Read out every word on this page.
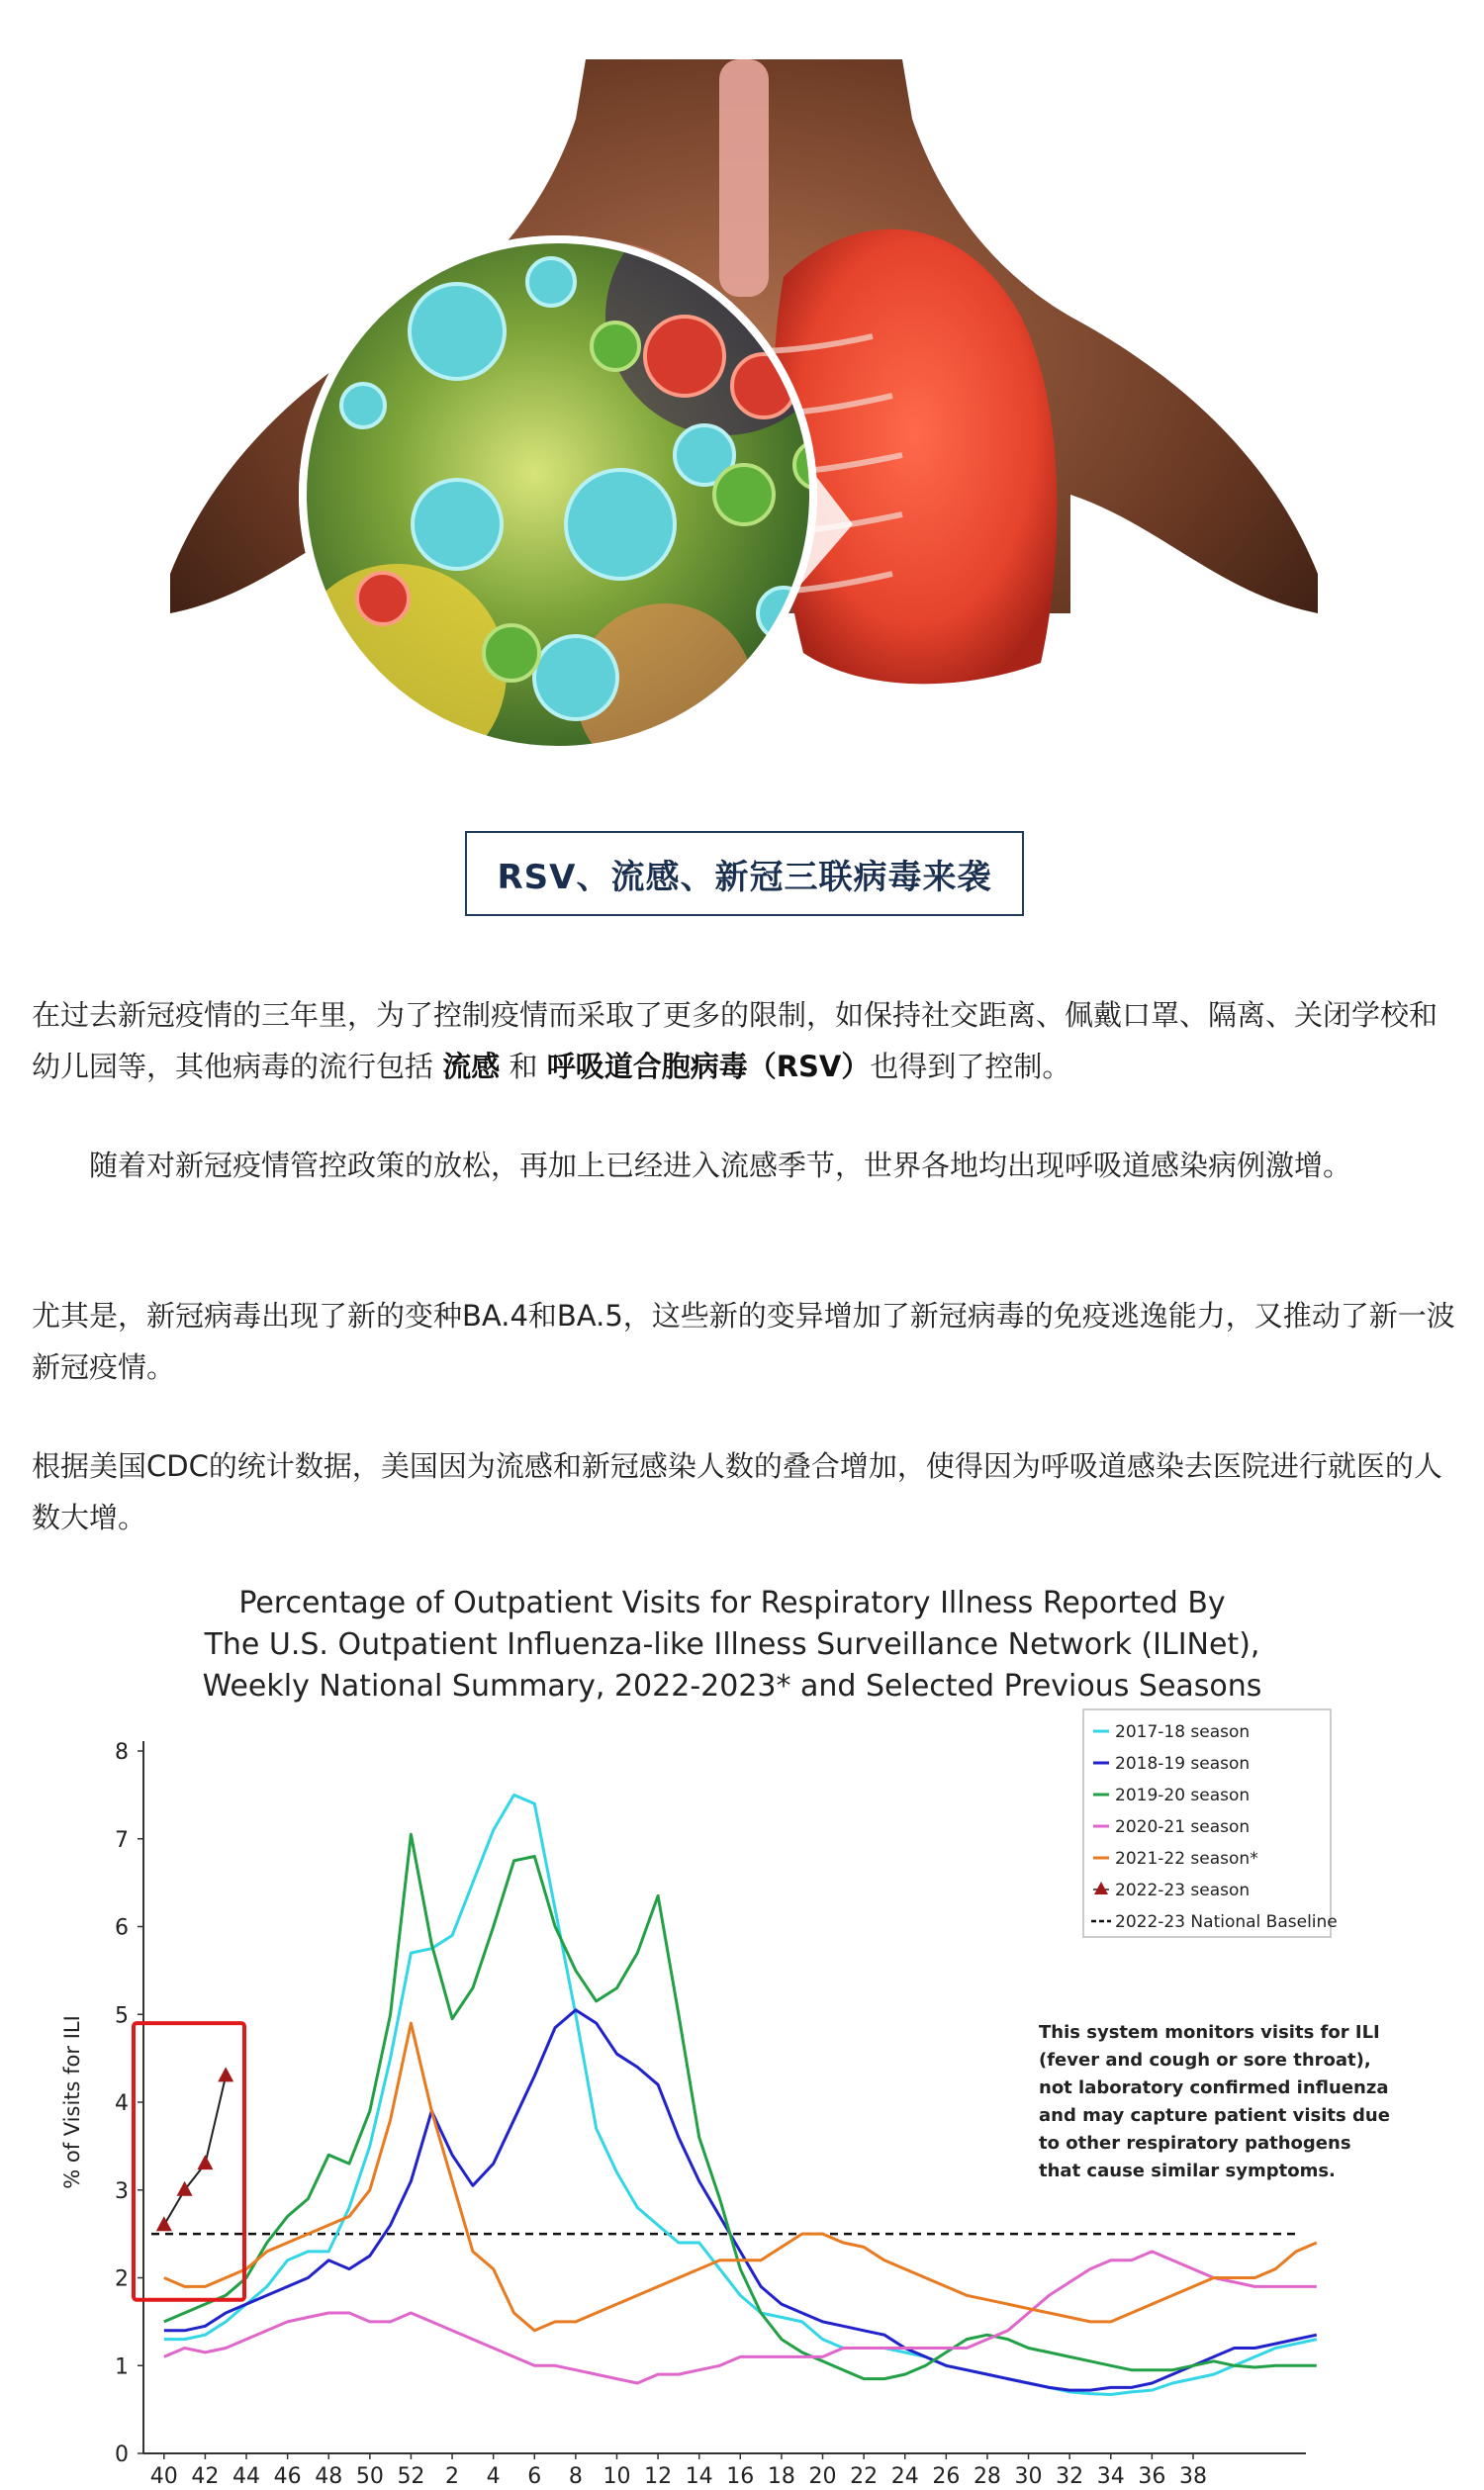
RSV、流感、新冠三联病毒来袭
在过去新冠疫情的三年里，为了控制疫情而采取了更多的限制，如保持社交距离、佩戴口罩、隔离、关闭学校和幼儿园等，其他病毒的流行包括 流感 和 呼吸道合胞病毒（RSV）也得到了控制。
　　随着对新冠疫情管控政策的放松，再加上已经进入流感季节，世界各地均出现呼吸道感染病例激增。
尤其是，新冠病毒出现了新的变种BA.4和BA.5，这些新的变异增加了新冠病毒的免疫逃逸能力，又推动了新一波新冠疫情。
根据美国CDC的统计数据，美国因为流感和新冠感染人数的叠合增加，使得因为呼吸道感染去医院进行就医的人数大增。
Percentage of Outpatient Visits for Respiratory Illness Reported By
The U.S. Outpatient Influenza-like Illness Surveillance Network (ILINet),
Weekly National Summary, 2022-2023* and Selected Previous Seasons
0
1
2
3
4
5
6
7
8
% of Visits for ILI
40 42 44 46 48 50 52 2 4 6 8 10 12 14 16 18 20 22 24 26 28 30 32 34 36 38
2017-18 season
2018-19 season
2019-20 season
2020-21 season
2021-22 season*
2022-23 season
2022-23 National Baseline
This system monitors visits for ILI (fever and cough or sore throat), not laboratory confirmed influenza and may capture patient visits due to other respiratory pathogens that cause similar symptoms.
